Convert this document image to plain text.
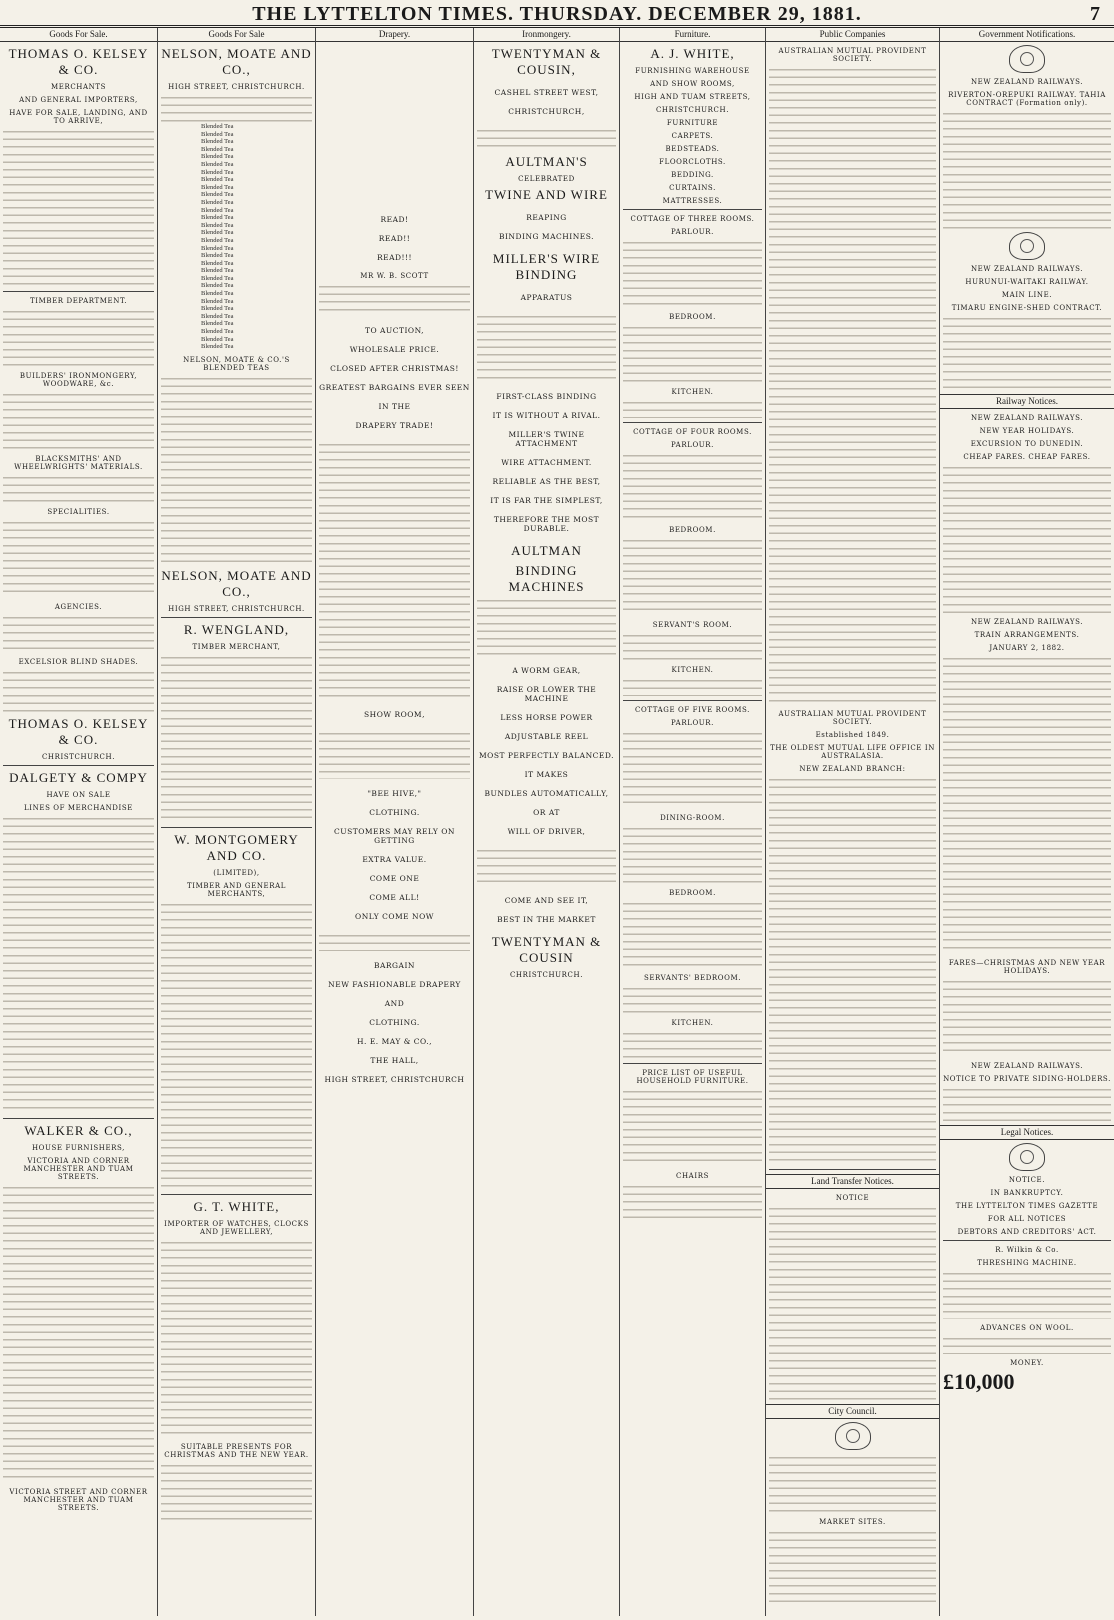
THE LYTTELTON TIMES. THURSDAY. DECEMBER 29, 1881.	7
Goods For Sale.
THOMAS O. KELSEY & CO.
MERCHANTS
AND GENERAL IMPORTERS,
HAVE FOR SALE, LANDING, AND TO ARRIVE,
TIMBER DEPARTMENT.
BUILDERS' IRONMONGERY, WOODWARE, &c.
BLACKSMITHS' AND WHEELWRIGHTS' MATERIALS.
SPECIALITIES.
AGENCIES.
EXCELSIOR BLIND SHADES.
THOMAS O. KELSEY & CO.
CHRISTCHURCH.
DALGETY & COMPY
HAVE ON SALE
LINES OF MERCHANDISE
WALKER & CO.,
HOUSE FURNISHERS,
VICTORIA AND CORNER MANCHESTER AND TUAM STREETS.
VICTORIA STREET AND CORNER MANCHESTER AND TUAM STREETS.
Goods For Sale
NELSON, MOATE AND CO.,
HIGH STREET, CHRISTCHURCH.
Blended Tea
Blended Tea
Blended Tea
Blended Tea
Blended Tea
Blended Tea
Blended Tea
Blended Tea
Blended Tea
Blended Tea
Blended Tea
Blended Tea
Blended Tea
Blended Tea
Blended Tea
Blended Tea
Blended Tea
Blended Tea
Blended Tea
Blended Tea
Blended Tea
Blended Tea
Blended Tea
Blended Tea
Blended Tea
Blended Tea
Blended Tea
Blended Tea
Blended Tea
Blended Tea
NELSON, MOATE & CO.'S BLENDED TEAS
NELSON, MOATE AND CO.,
HIGH STREET, CHRISTCHURCH.
R. WENGLAND,
TIMBER MERCHANT,
W. MONTGOMERY AND CO.
(LIMITED),
TIMBER AND GENERAL MERCHANTS,
G. T. WHITE,
IMPORTER OF WATCHES, CLOCKS AND JEWELLERY,
SUITABLE PRESENTS FOR CHRISTMAS AND THE NEW YEAR.
Drapery.
READ!
READ!!
READ!!!
MR W. B. SCOTT
TO AUCTION,
WHOLESALE PRICE.
CLOSED AFTER CHRISTMAS!
GREATEST BARGAINS EVER SEEN
IN THE
DRAPERY TRADE!
SHOW ROOM,
"BEE HIVE,"
CLOTHING.
CUSTOMERS MAY RELY ON GETTING
EXTRA VALUE.
COME ONE
COME ALL!
ONLY COME NOW
BARGAIN
NEW FASHIONABLE DRAPERY
AND
CLOTHING.
H. E. MAY & CO.,
THE HALL,
HIGH STREET, CHRISTCHURCH
Ironmongery.
TWENTYMAN & COUSIN,
CASHEL STREET WEST,
CHRISTCHURCH,
AULTMAN'S
CELEBRATED
TWINE AND WIRE
REAPING
BINDING MACHINES.
MILLER'S WIRE BINDING
APPARATUS
FIRST-CLASS BINDING
IT IS WITHOUT A RIVAL.
MILLER'S TWINE ATTACHMENT
WIRE ATTACHMENT.
RELIABLE AS THE BEST,
IT IS FAR THE SIMPLEST,
THEREFORE THE MOST DURABLE.
AULTMAN
BINDING MACHINES
A WORM GEAR,
RAISE OR LOWER THE MACHINE
LESS HORSE POWER
ADJUSTABLE REEL
MOST PERFECTLY BALANCED.
IT MAKES
BUNDLES AUTOMATICALLY,
OR AT
WILL OF DRIVER,
COME AND SEE IT,
BEST IN THE MARKET
TWENTYMAN & COUSIN
CHRISTCHURCH.
Furniture.
A. J. WHITE,
FURNISHING WAREHOUSE
AND SHOW ROOMS,
HIGH AND TUAM STREETS,
CHRISTCHURCH.
FURNITURE
CARPETS.
BEDSTEADS.
FLOORCLOTHS.
BEDDING.
CURTAINS.
MATTRESSES.
COTTAGE OF THREE ROOMS.
PARLOUR.
BEDROOM.
KITCHEN.
COTTAGE OF FOUR ROOMS.
PARLOUR.
BEDROOM.
SERVANT'S ROOM.
KITCHEN.
COTTAGE OF FIVE ROOMS.
PARLOUR.
DINING-ROOM.
BEDROOM.
SERVANTS' BEDROOM.
KITCHEN.
PRICE LIST OF USEFUL HOUSEHOLD FURNITURE.
CHAIRS
Public Companies
AUSTRALIAN MUTUAL PROVIDENT SOCIETY.
AUSTRALIAN MUTUAL PROVIDENT SOCIETY.
Established 1849.
THE OLDEST MUTUAL LIFE OFFICE IN AUSTRALASIA.
NEW ZEALAND BRANCH:
Land Transfer Notices.
NOTICE
City Council.
MARKET SITES.
Government Notifications.
NEW ZEALAND RAILWAYS.
RIVERTON-OREPUKI RAILWAY. TAHIA CONTRACT (Formation only).
NEW ZEALAND RAILWAYS.
HURUNUI-WAITAKI RAILWAY.
MAIN LINE.
TIMARU ENGINE-SHED CONTRACT.
Railway Notices.
NEW ZEALAND RAILWAYS.
NEW YEAR HOLIDAYS.
EXCURSION TO DUNEDIN.
CHEAP FARES. CHEAP FARES.
NEW ZEALAND RAILWAYS.
TRAIN ARRANGEMENTS.
JANUARY 2, 1882.
FARES—CHRISTMAS AND NEW YEAR HOLIDAYS.
NEW ZEALAND RAILWAYS.
NOTICE TO PRIVATE SIDING-HOLDERS.
Legal Notices.
NOTICE.
IN BANKRUPTCY.
THE LYTTELTON TIMES GAZETTE
FOR ALL NOTICES
DEBTORS AND CREDITORS' ACT.
R. Wilkin & Co.
THRESHING MACHINE.
ADVANCES ON WOOL.
MONEY.
£10,000
